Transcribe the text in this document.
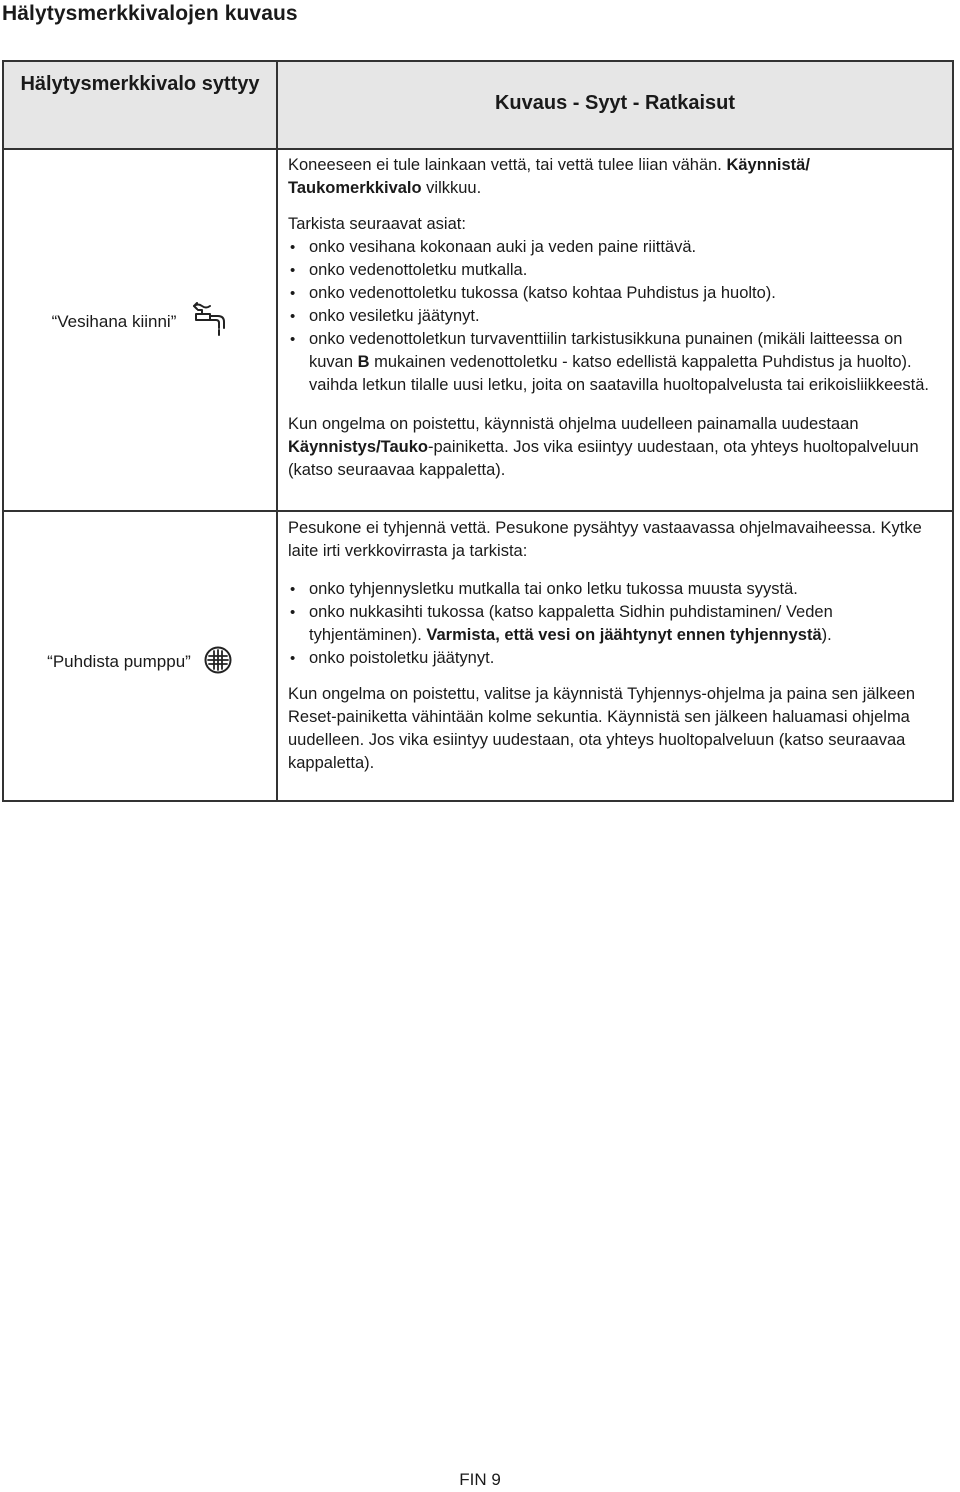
Hälytysmerkkivalojen kuvaus
Hälytysmerkkivalo syttyy
Kuvaus - Syyt - Ratkaisut
“Vesihana kiinni”

Koneeseen ei tule lainkaan vettä, tai vettä tulee liian vähän. Käynnistä/ Taukomerkkivalo vilkkuu.

Tarkista seuraavat asiat:

• onko vesihana kokonaan auki ja veden paine riittävä.
• onko vedenottoletku mutkalla.
• onko vedenottoletku tukossa (katso kohtaa Puhdistus ja huolto).
• onko vesiletku jäätynyt.
• onko vedenottoletkun turvaventtiilin tarkistusikkuna punainen (mikäli laitteessa on kuvan B mukainen vedenottoletku - katso edellistä kappaletta Puhdistus ja huolto). vaihda letkun tilalle uusi letku, joita on saatavilla huoltopalvelusta tai erikoisliikkeestä.

Kun ongelma on poistettu, käynnistä ohjelma uudelleen painamalla uudestaan Käynnistys/Tauko-painiketta. Jos vika esiintyy uudestaan, ota yhteys huoltopalveluun (katso seuraavaa kappaletta).

“Puhdista pumppu”

Pesukone ei tyhjennä vettä. Pesukone pysähtyy vastaavassa ohjelmavaiheessa. Kytke laite irti verkkovirrasta ja tarkista:

• onko tyhjennysletku mutkalla tai onko letku tukossa muusta syystä.
• onko nukkasihti tukossa (katso kappaletta Sidhin puhdistaminen/ Veden tyhjentäminen). Varmista, että vesi on jäähtynyt ennen tyhjennystä).
• onko poistoletku jäätynyt.

Kun ongelma on poistettu, valitse ja käynnistä Tyhjennys-ohjelma ja paina sen jälkeen Reset-painiketta vähintään kolme sekuntia. Käynnistä sen jälkeen haluamasi ohjelma uudelleen. Jos vika esiintyy uudestaan, ota yhteys huoltopalveluun (katso seuraavaa kappaletta).

FIN 9
